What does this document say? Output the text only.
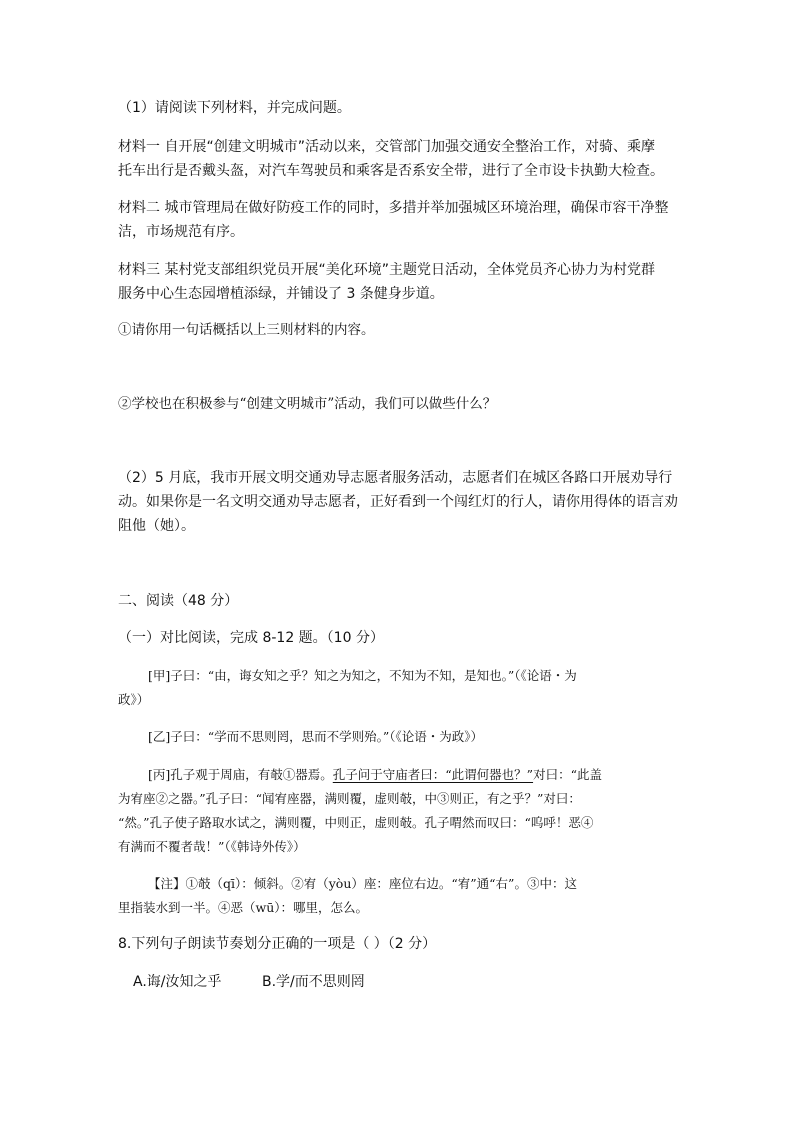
（1）请阅读下列材料，并完成问题。
材料一 自开展“创建文明城市”活动以来，交管部门加强交通安全整治工作，对骑、乘摩
托车出行是否戴头盔，对汽车驾驶员和乘客是否系安全带，进行了全市设卡执勤大检查。
材料二 城市管理局在做好防疫工作的同时，多措并举加强城区环境治理，确保市容干净整
洁，市场规范有序。
材料三 某村党支部组织党员开展“美化环境”主题党日活动，全体党员齐心协力为村党群
服务中心生态园增植添绿，并铺设了 3 条健身步道。
①请你用一句话概括以上三则材料的内容。
②学校也在积极参与“创建文明城市”活动，我们可以做些什么？
（2）5 月底，我市开展文明交通劝导志愿者服务活动，志愿者们在城区各路口开展劝导行
动。如果你是一名文明交通劝导志愿者，正好看到一个闯红灯的行人，请你用得体的语言劝
阻他（她）。
二、阅读（48 分）
（一）对比阅读，完成 8-12 题。（10 分）
[甲]子曰：“由，诲女知之乎？知之为知之，不知为不知，是知也。”（《论语・为
政》）
[乙]子曰：“学而不思则罔，思而不学则殆。”（《论语・为政》）
[丙]孔子观于周庙，有攲①器焉。孔子问于守庙者曰：“此谓何器也？”对曰：“此盖
为宥座②之器。”孔子曰：“闻宥座器，满则覆，虚则攲，中③则正，有之乎？”对曰：
“然。”孔子使子路取水试之，满则覆，中则正，虚则攲。孔子喟然而叹曰：“呜呼！恶④
有满而不覆者哉！”（《韩诗外传》）
【注】①攲（qī）：倾斜。②宥（yòu）座：座位右边。“宥”通“右”。③中：这
里指装水到一半。④恶（wū）：哪里，怎么。
8.下列句子朗读节奏划分正确的一项是（ ）（2 分）
A.诲/汝知之乎	B.学/而不思则罔
